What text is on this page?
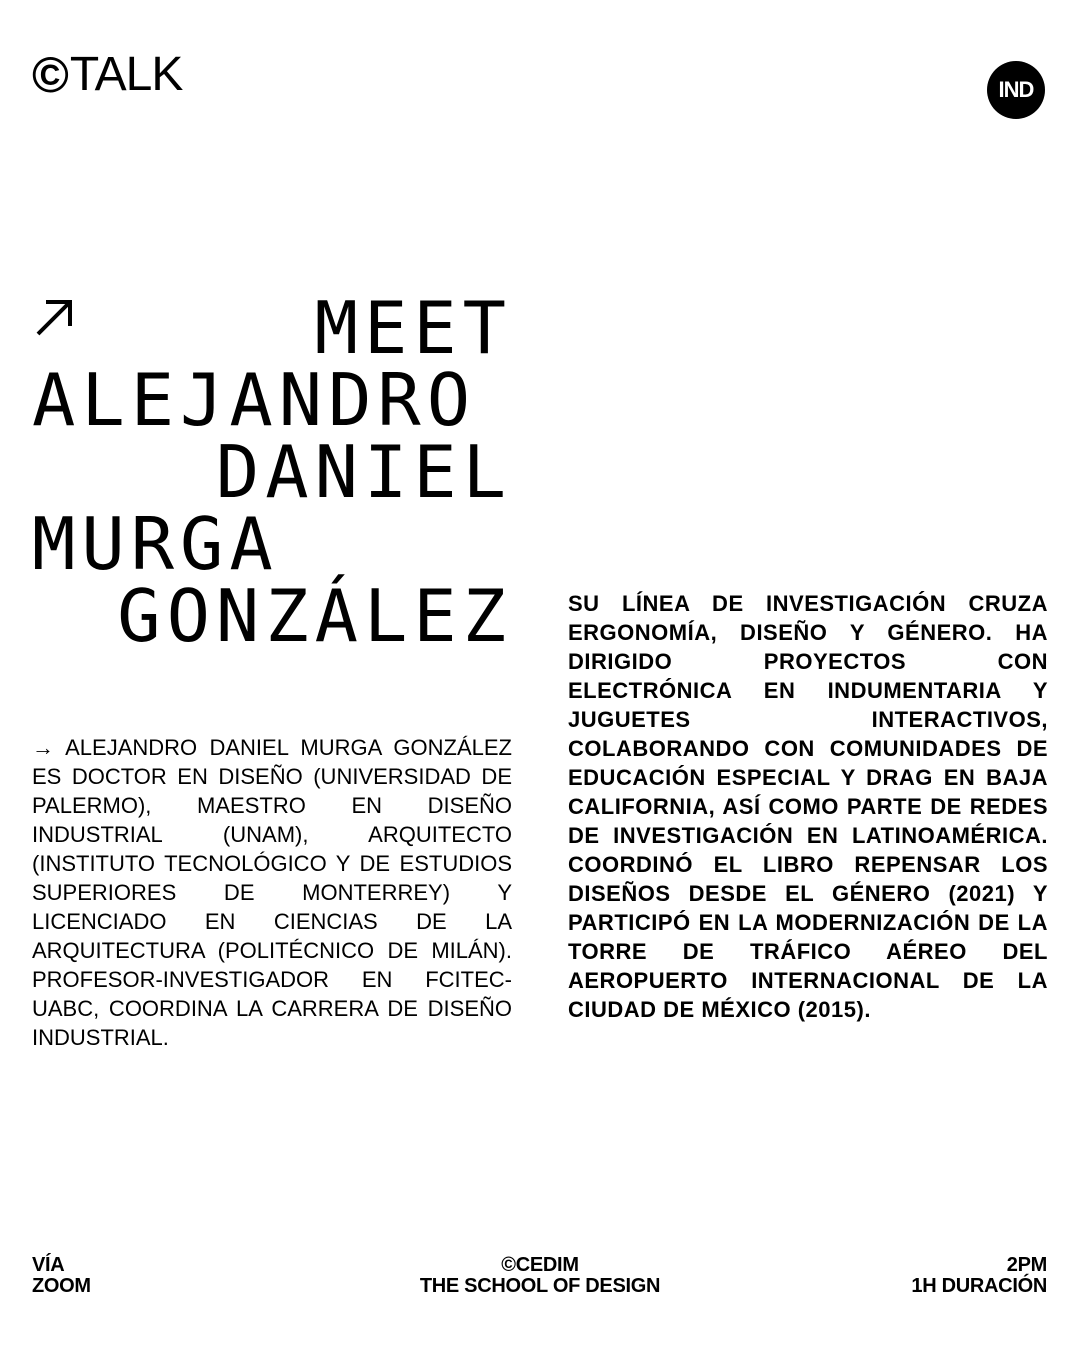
© TALK	IND
MEET
ALEJANDRO
DANIEL
MURGA
GONZÁLEZ

→ ALEJANDRO DANIEL MURGA GONZÁLEZ ES DOCTOR EN DISEÑO (UNIVERSIDAD DE PALERMO), MAESTRO EN DISEÑO INDUSTRIAL (UNAM), ARQUITECTO (INSTITUTO TECNOLÓGICO Y DE ESTUDIOS SUPERIORES DE MONTERREY) Y LICENCIADO EN CIENCIAS DE LA ARQUITECTURA (POLITÉCNICO DE MILÁN). PROFESOR-INVESTIGADOR EN FCITEC-UABC, COORDINA LA CARRERA DE DISEÑO INDUSTRIAL.

SU LÍNEA DE INVESTIGACIÓN CRUZA ERGONOMÍA, DISEÑO Y GÉNERO. HA DIRIGIDO PROYECTOS CON ELECTRÓNICA EN INDUMENTARIA Y JUGUETES INTERACTIVOS, COLABORANDO CON COMUNIDADES DE EDUCACIÓN ESPECIAL Y DRAG EN BAJA CALIFORNIA, ASÍ COMO PARTE DE REDES DE INVESTIGACIÓN EN LATINOAMÉRICA. COORDINÓ EL LIBRO REPENSAR LOS DISEÑOS DESDE EL GÉNERO (2021) Y PARTICIPÓ EN LA MODERNIZACIÓN DE LA TORRE DE TRÁFICO AÉREO DEL AEROPUERTO INTERNACIONAL DE LA CIUDAD DE MÉXICO (2015).

VÍA
ZOOM
©CEDIM
THE SCHOOL OF DESIGN
2PM
1H DURACIÓN
